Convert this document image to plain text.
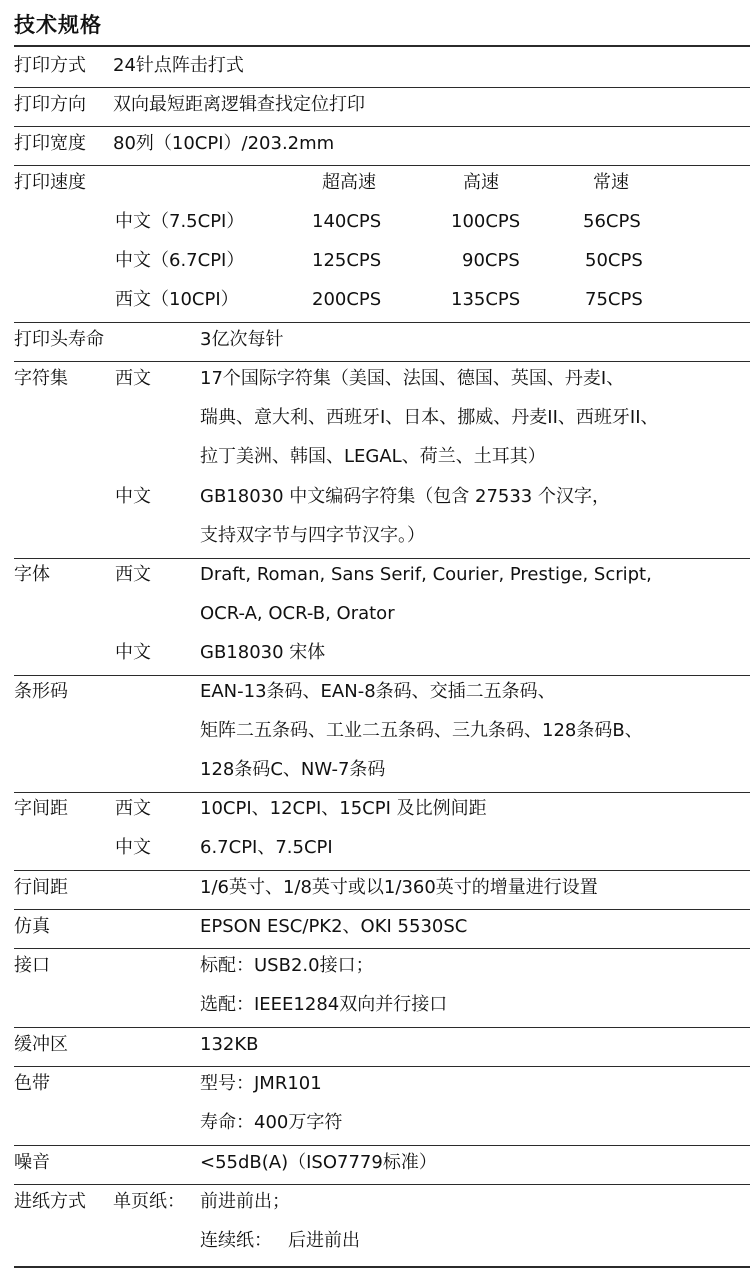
技术规格
打印方式 24针点阵击打式
打印方向 双向最短距离逻辑查找定位打印
打印宽度 80列（10CPI）/203.2mm
打印速度	超高速	高速	常速
中文（7.5CPI）	140CPS	100CPS	56CPS
中文（6.7CPI）	125CPS	90CPS	50CPS
西文（10CPI）	200CPS	135CPS	75CPS
打印头寿命	3亿次每针
字符集	西文	17个国际字符集（美国、法国、德国、英国、丹麦I、
瑞典、意大利、西班牙I、日本、挪威、丹麦II、西班牙II、
拉丁美洲、韩国、LEGAL、荷兰、土耳其）
中文	GB18030 中文编码字符集（包含 27533 个汉字，
支持双字节与四字节汉字。）
字体	西文	Draft, Roman, Sans Serif, Courier, Prestige, Script,
OCR-A, OCR-B, Orator
中文	GB18030 宋体
条形码	EAN-13条码、EAN-8条码、交插二五条码、
矩阵二五条码、工业二五条码、三九条码、128条码B、
128条码C、NW-7条码
字间距	西文	10CPI、12CPI、15CPI 及比例间距
中文	6.7CPI、7.5CPI
行间距	1/6英寸、1/8英寸或以1/360英寸的增量进行设置
仿真	EPSON ESC/PK2、OKI 5530SC
接口	标配：USB2.0接口；
选配：IEEE1284双向并行接口
缓冲区	132KB
色带	型号：JMR101
寿命：400万字符
噪音	<55dB(A)（ISO7779标准）
进纸方式 单页纸： 前进前出；
连续纸： 后进前出
